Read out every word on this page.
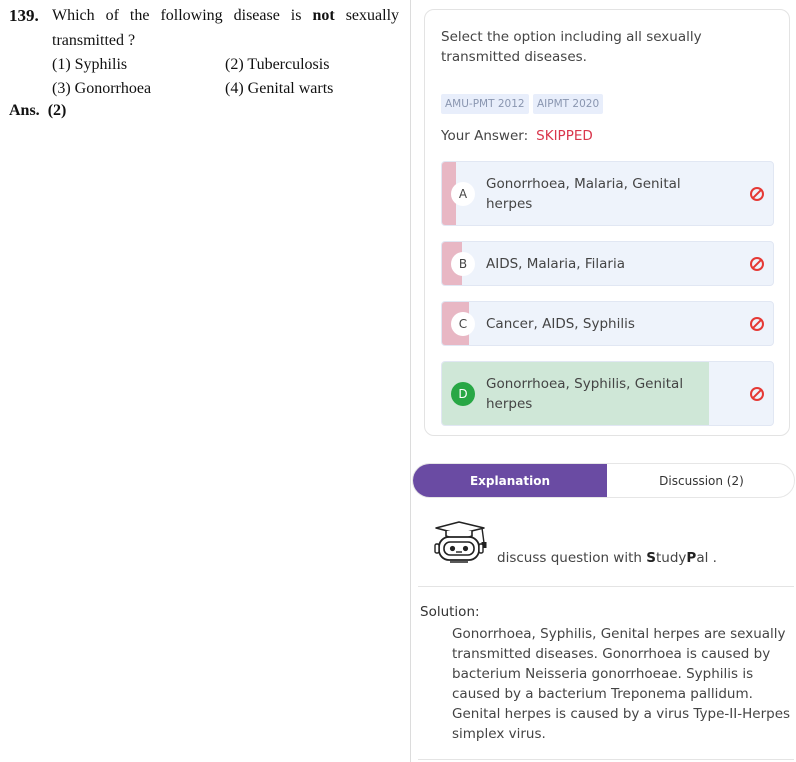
139. Which of the following disease is not sexually
transmitted ?
(1) Syphilis	(2) Tuberculosis
(3) Gonorrhoea	(4) Genital warts
Ans. (2)
Select the option including all sexually transmitted diseases.
AMU-PMT 2012	AIPMT 2020
Your Answer: SKIPPED
A
Gonorrhoea, Malaria, Genital herpes
B	AIDS, Malaria, Filaria
C	Cancer, AIDS, Syphilis
D
Gonorrhoea, Syphilis, Genital herpes
Explanation	Discussion (2)
discuss question with StudyPal .
Solution:
Gonorrhoea, Syphilis, Genital herpes are sexually transmitted diseases. Gonorrhoea is caused by bacterium Neisseria gonorrhoeae. Syphilis is caused by a bacterium Treponema pallidum. Genital herpes is caused by a virus Type-II-Herpes simplex virus.
